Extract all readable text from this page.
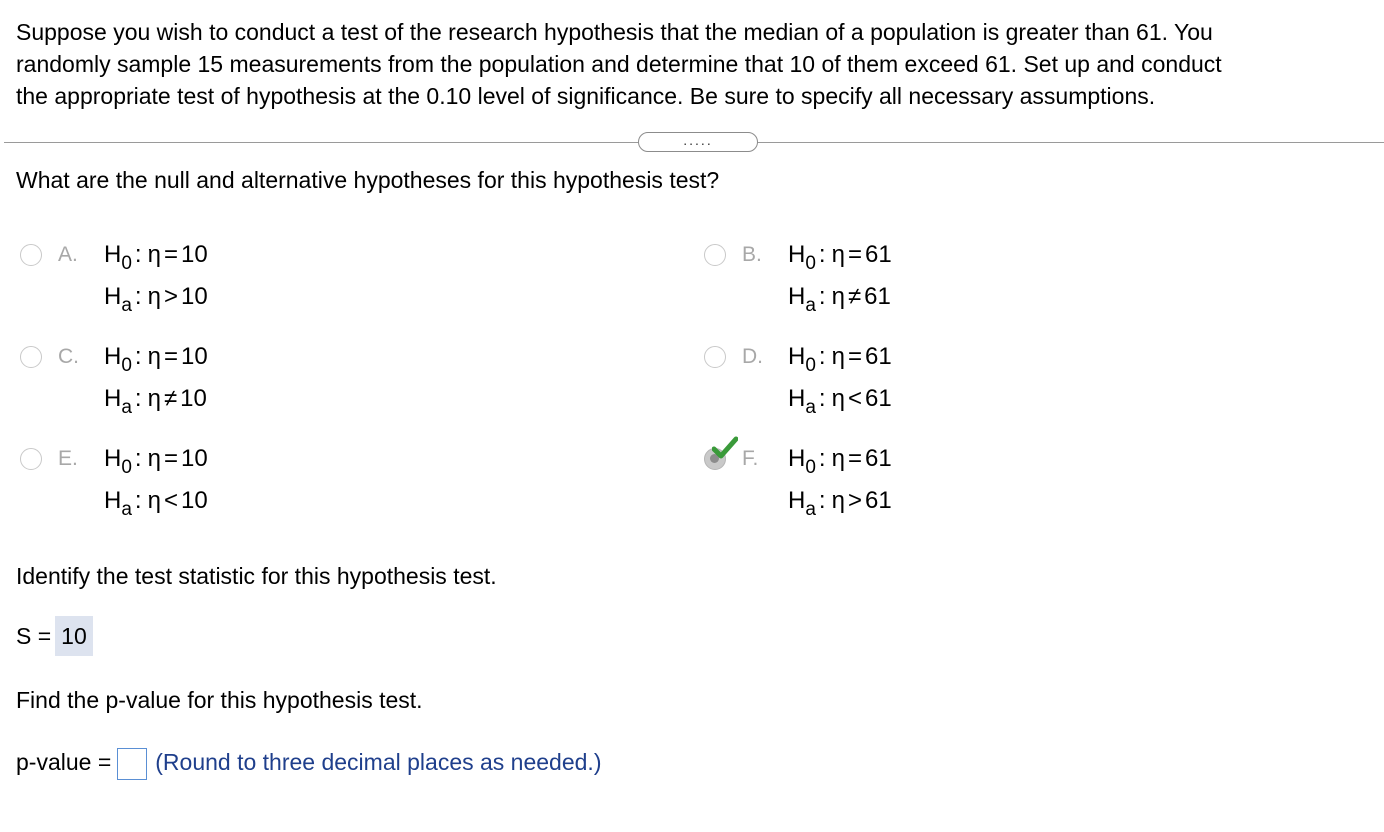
Suppose you wish to conduct a test of the research hypothesis that the median of a population is greater than 61. You
randomly sample 15 measurements from the population and determine that 10 of them exceed 61. Set up and conduct
the appropriate test of hypothesis at the 0.10 level of significance. Be sure to specify all necessary assumptions.
.....
What are the null and alternative hypotheses for this hypothesis test?
A. $H_0$ : η = 10
$H_a$ : η > 10
B. $H_0$ : η = 61
$H_a$ : η ≠ 61
C. $H_0$ : η = 10
$H_a$ : η ≠ 10
D. $H_0$ : η = 61
$H_a$ : η < 61
E. $H_0$ : η = 10
$H_a$ : η < 10
F. $H_0$ : η = 61
$H_a$ : η > 61
Identify the test statistic for this hypothesis test.
S = 10
Find the p-value for this hypothesis test.
p-value = (Round to three decimal places as needed.)
